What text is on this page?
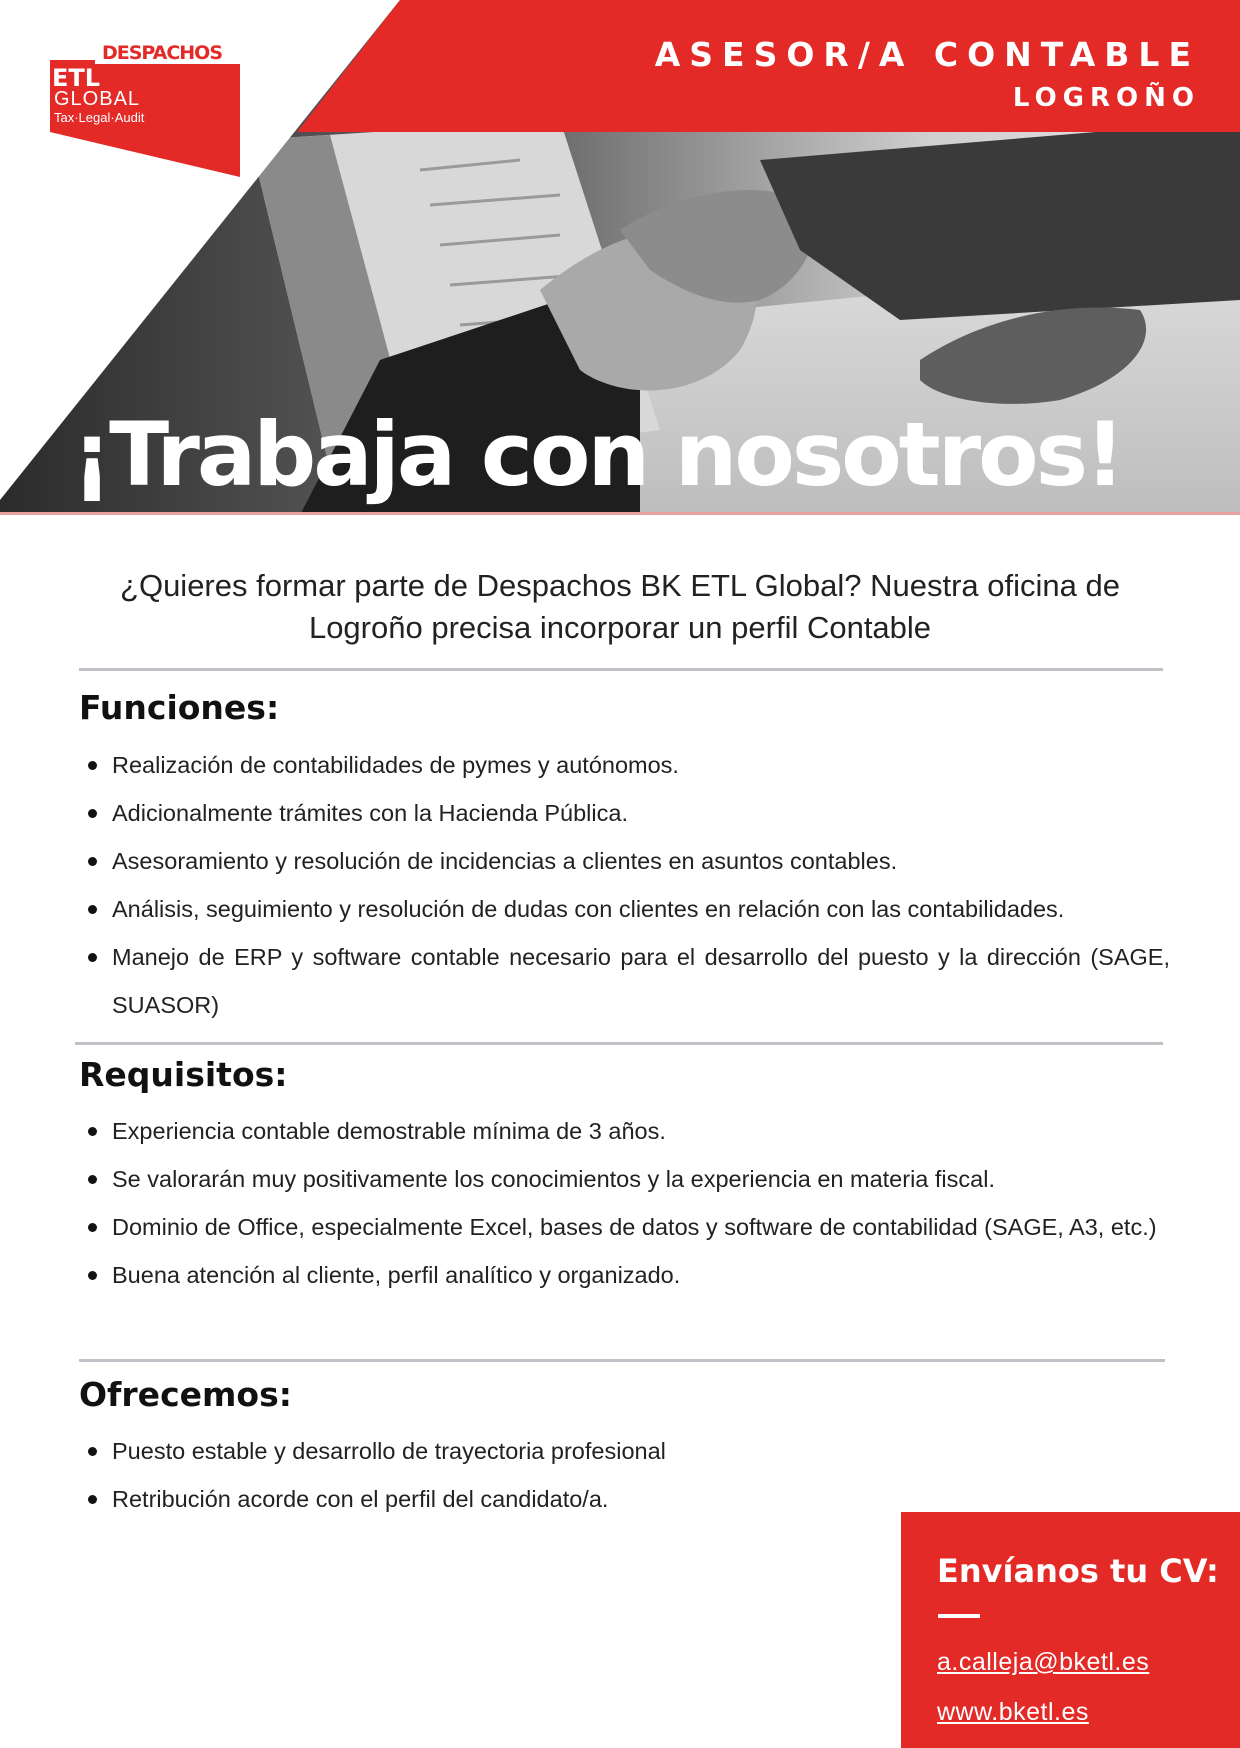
DESPACHOS BK
ETL
GLOBAL
Tax·Legal·Audit
ASESOR/A CONTABLE
LOGROÑO
¡Trabaja con nosotros!
¿Quieres formar parte de Despachos BK ETL Global? Nuestra oficina de Logroño precisa incorporar un perfil Contable
Funciones:
Realización de contabilidades de pymes y autónomos.
Adicionalmente trámites con la Hacienda Pública.
Asesoramiento y resolución de incidencias a clientes en asuntos contables.
Análisis, seguimiento y resolución de dudas con clientes en relación con las contabilidades.
Manejo de ERP y software contable necesario para el desarrollo del puesto y la dirección (SAGE, SUASOR)
Requisitos:
Experiencia contable demostrable mínima de 3 años.
Se valorarán muy positivamente los conocimientos y la experiencia en materia fiscal.
Dominio de Office, especialmente Excel, bases de datos y software de contabilidad (SAGE, A3, etc.)
Buena atención al cliente, perfil analítico y organizado.
Ofrecemos:
Puesto estable y desarrollo de trayectoria profesional
Retribución acorde con el perfil del candidato/a.
Envíanos tu CV:
a.calleja@bketl.es
www.bketl.es
